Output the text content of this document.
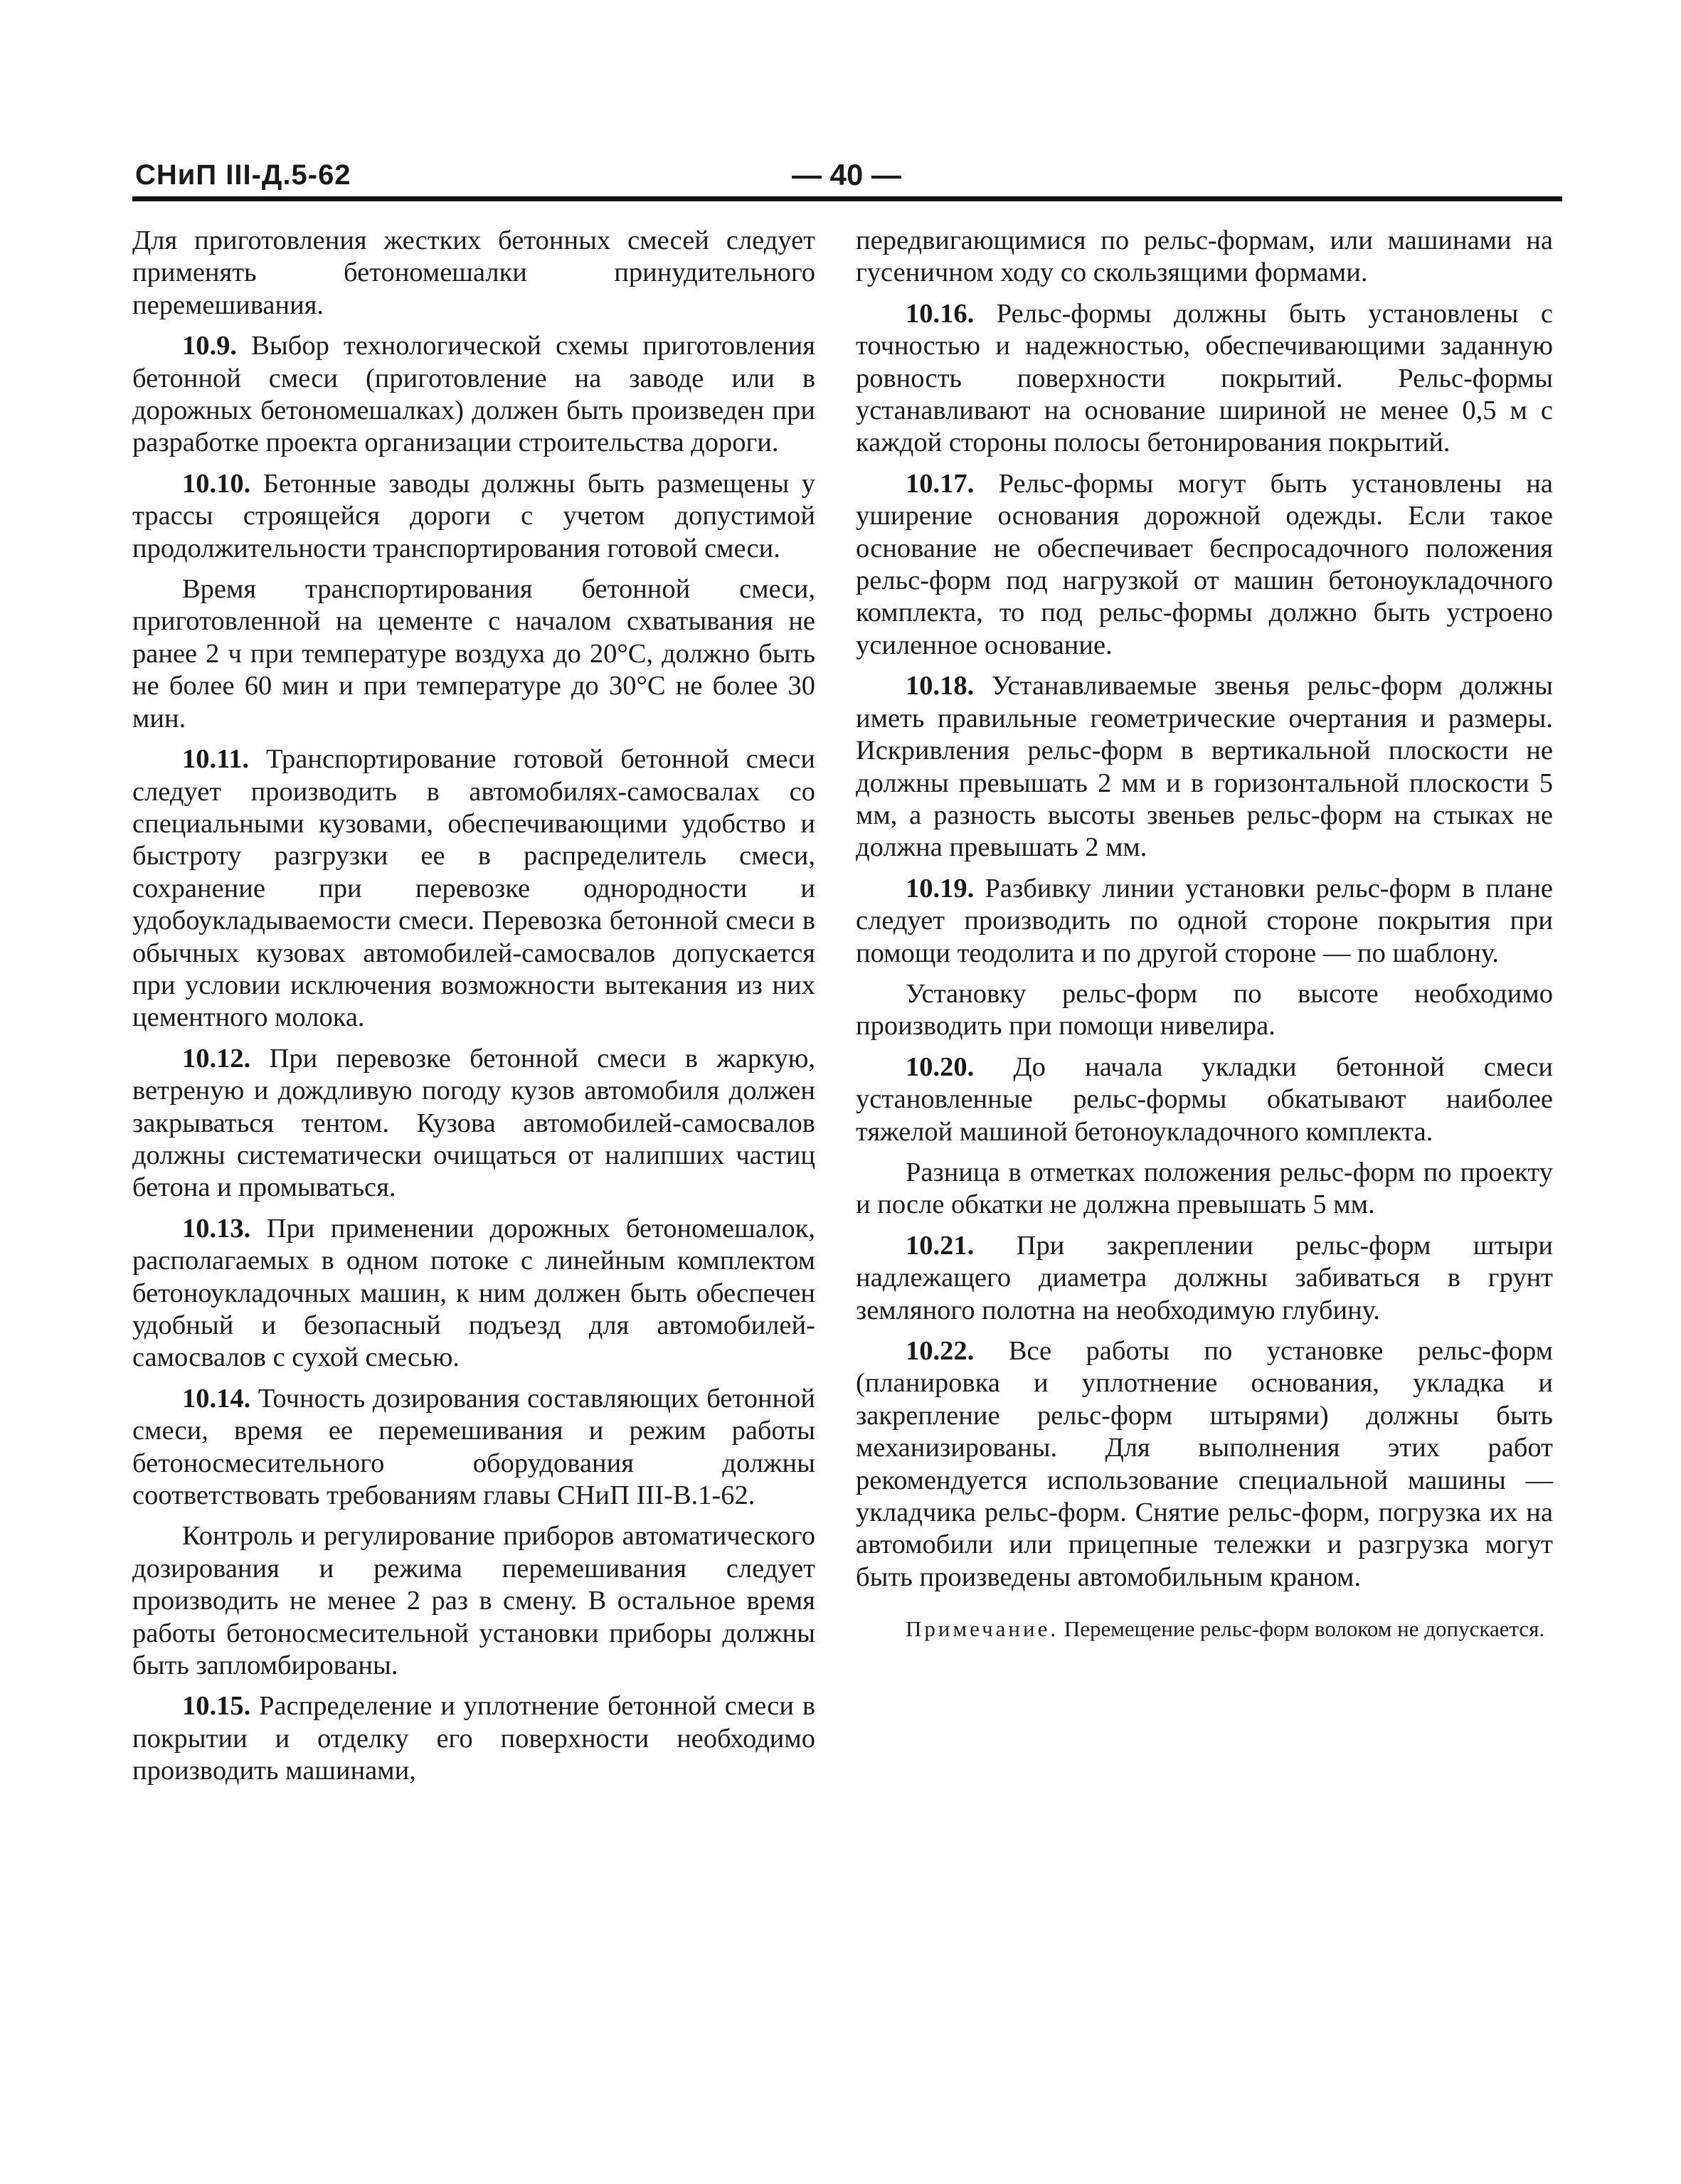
СНиП III-Д.5-62	— 40 —

Для приготовления жестких бетонных смесей следует применять бетономешалки принудительного перемешивания.

10.9. Выбор технологической схемы приготовления бетонной смеси (приготовление на заводе или в дорожных бетономешалках) должен быть произведен при разработке проекта организации строительства дороги.

10.10. Бетонные заводы должны быть размещены у трассы строящейся дороги с учетом допустимой продолжительности транспортирования готовой смеси.

Время транспортирования бетонной смеси, приготовленной на цементе с началом схватывания не ранее 2 ч при температуре воздуха до 20°С, должно быть не более 60 мин и при температуре до 30°С не более 30 мин.

10.11. Транспортирование готовой бетонной смеси следует производить в автомобилях-самосвалах со специальными кузовами, обеспечивающими удобство и быстроту разгрузки ее в распределитель смеси, сохранение при перевозке однородности и удобоукладываемости смеси. Перевозка бетонной смеси в обычных кузовах автомобилей-самосвалов допускается при условии исключения возможности вытекания из них цементного молока.

10.12. При перевозке бетонной смеси в жаркую, ветреную и дождливую погоду кузов автомобиля должен закрываться тентом. Кузова автомобилей-самосвалов должны систематически очищаться от налипших частиц бетона и промываться.

10.13. При применении дорожных бетономешалок, располагаемых в одном потоке с линейным комплектом бетоноукладочных машин, к ним должен быть обеспечен удобный и безопасный подъезд для автомобилей-самосвалов с сухой смесью.

10.14. Точность дозирования составляющих бетонной смеси, время ее перемешивания и режим работы бетоносмесительного оборудования должны соответствовать требованиям главы СНиП III-В.1-62.

Контроль и регулирование приборов автоматического дозирования и режима перемешивания следует производить не менее 2 раз в смену. В остальное время работы бетоносмесительной установки приборы должны быть запломбированы.

10.15. Распределение и уплотнение бетонной смеси в покрытии и отделку его поверхности необходимо производить машинами,

передвигающимися по рельс-формам, или машинами на гусеничном ходу со скользящими формами.

10.16. Рельс-формы должны быть установлены с точностью и надежностью, обеспечивающими заданную ровность поверхности покрытий. Рельс-формы устанавливают на основание шириной не менее 0,5 м с каждой стороны полосы бетонирования покрытий.

10.17. Рельс-формы могут быть установлены на уширение основания дорожной одежды. Если такое основание не обеспечивает беспросадочного положения рельс-форм под нагрузкой от машин бетоноукладочного комплекта, то под рельс-формы должно быть устроено усиленное основание.

10.18. Устанавливаемые звенья рельс-форм должны иметь правильные геометрические очертания и размеры. Искривления рельс-форм в вертикальной плоскости не должны превышать 2 мм и в горизонтальной плоскости 5 мм, а разность высоты звеньев рельс-форм на стыках не должна превышать 2 мм.

10.19. Разбивку линии установки рельс-форм в плане следует производить по одной стороне покрытия при помощи теодолита и по другой стороне — по шаблону.

Установку рельс-форм по высоте необходимо производить при помощи нивелира.

10.20. До начала укладки бетонной смеси установленные рельс-формы обкатывают наиболее тяжелой машиной бетоноукладочного комплекта.

Разница в отметках положения рельс-форм по проекту и после обкатки не должна превышать 5 мм.

10.21. При закреплении рельс-форм штыри надлежащего диаметра должны забиваться в грунт земляного полотна на необходимую глубину.

10.22. Все работы по установке рельс-форм (планировка и уплотнение основания, укладка и закрепление рельс-форм штырями) должны быть механизированы. Для выполнения этих работ рекомендуется использование специальной машины — укладчика рельс-форм. Снятие рельс-форм, погрузка их на автомобили или прицепные тележки и разгрузка могут быть произведены автомобильным краном.

Примечание. Перемещение рельс-форм волоком не допускается.
